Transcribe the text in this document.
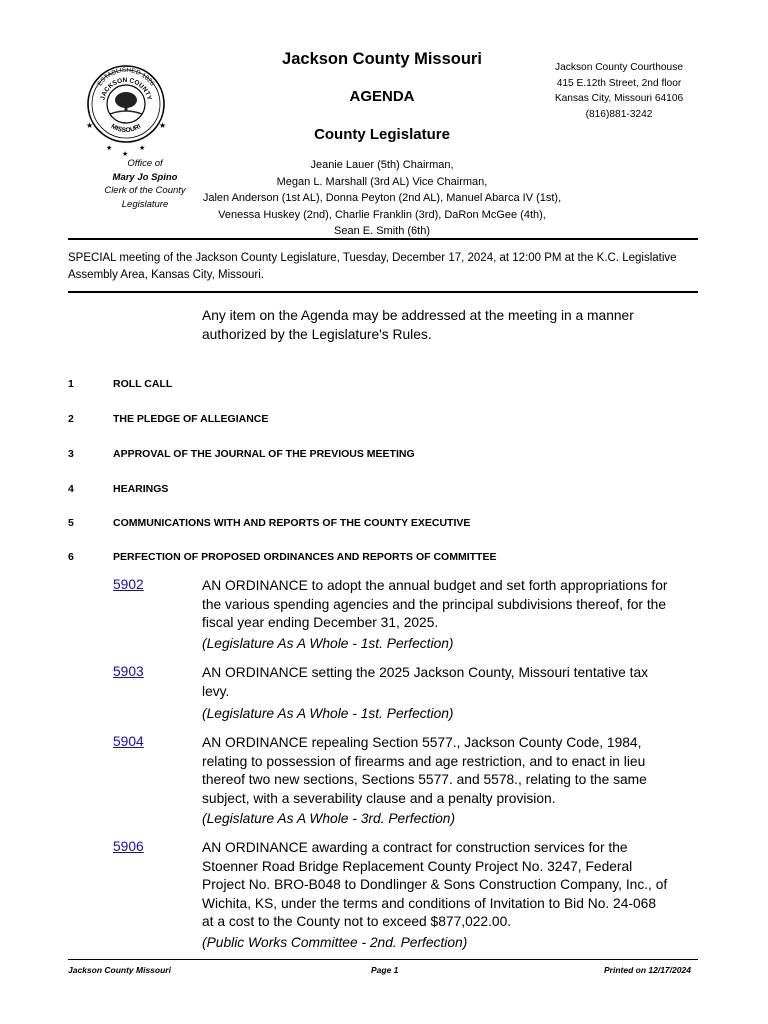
ESTABLISHED 1826
JACKSON COUNTY
MISSOURI
★	★
★	★
★
Office of
Mary Jo Spino
Clerk of the County
Legislature
Jackson County Missouri
AGENDA
County Legislature
Jeanie Lauer (5th) Chairman,
Megan L. Marshall (3rd AL) Vice Chairman,
Jalen Anderson (1st AL), Donna Peyton (2nd AL), Manuel Abarca IV (1st),
Venessa Huskey (2nd), Charlie Franklin (3rd), DaRon McGee (4th),
Sean E. Smith (6th)
Jackson County Courthouse
415 E.12th Street, 2nd floor
Kansas City, Missouri 64106
(816)881-3242
SPECIAL meeting of the Jackson County Legislature, Tuesday, December 17, 2024, at 12:00 PM at the K.C. Legislative Assembly Area, Kansas City, Missouri.
Any item on the Agenda may be addressed at the meeting in a manner authorized by the Legislature's Rules.
1	ROLL CALL
2	THE PLEDGE OF ALLEGIANCE
3	APPROVAL OF THE JOURNAL OF THE PREVIOUS MEETING
4	HEARINGS
5	COMMUNICATIONS WITH AND REPORTS OF THE COUNTY EXECUTIVE
6	PERFECTION OF PROPOSED ORDINANCES AND REPORTS OF COMMITTEE
5902	AN ORDINANCE to adopt the annual budget and set forth appropriations for
the various spending agencies and the principal subdivisions thereof, for the
fiscal year ending December 31, 2025.
(Legislature As A Whole - 1st. Perfection)
5903	AN ORDINANCE setting the 2025 Jackson County, Missouri tentative tax
levy.
(Legislature As A Whole - 1st. Perfection)
5904	AN ORDINANCE repealing Section 5577., Jackson County Code, 1984,
relating to possession of firearms and age restriction, and to enact in lieu
thereof two new sections, Sections 5577. and 5578., relating to the same
subject, with a severability clause and a penalty provision.
(Legislature As A Whole - 3rd. Perfection)
5906	AN ORDINANCE awarding a contract for construction services for the
Stoenner Road Bridge Replacement County Project No. 3247, Federal
Project No. BRO-B048 to Dondlinger & Sons Construction Company, Inc., of
Wichita, KS, under the terms and conditions of Invitation to Bid No. 24-068
at a cost to the County not to exceed $877,022.00.
(Public Works Committee - 2nd. Perfection)
Jackson County Missouri	Page 1	Printed on 12/17/2024
